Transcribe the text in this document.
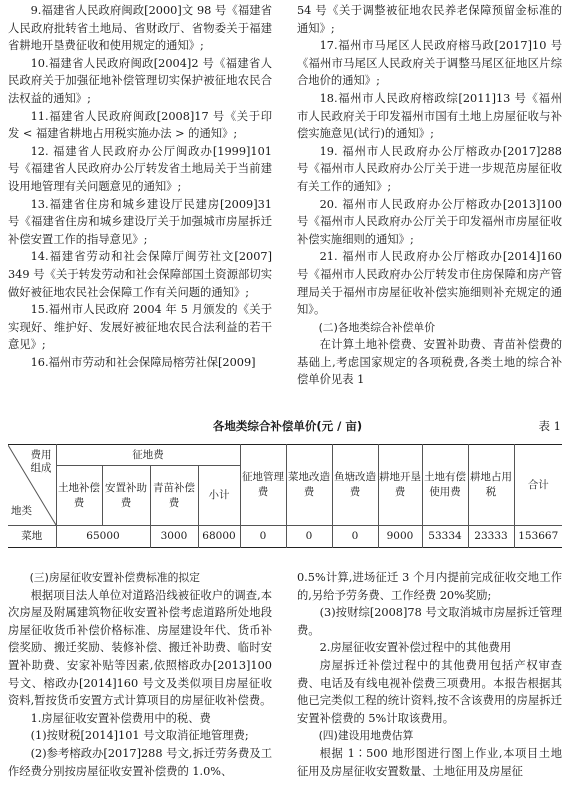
9.福建省人民政府闽政[2000]文 98 号《福建省人民政府批转省土地局、省财政厅、省物委关于福建省耕地开垦费征收和使用规定的通知》;

10.福建省人民政府闽政[2004]2 号《福建省人民政府关于加强征地补偿管理切实保护被征地农民合法权益的通知》;

11.福建省人民政府闽政[2008]17 号《关于印发 < 福建省耕地占用税实施办法 > 的通知》;

12. 福建省人民政府办公厅闽政办[1999]101 号《福建省人民政府办公厅转发省土地局关于当前建设用地管理有关问题意见的通知》;

13.福建省住房和城乡建设厅民建房[2009]31 号《福建省住房和城乡建设厅关于加强城市房屋拆迁补偿安置工作的指导意见》;

14.福建省劳动和社会保障厅闽劳社文[2007] 349 号《关于转发劳动和社会保障部国土资源部切实做好被征地农民社会保障工作有关问题的通知》;

15.福州市人民政府 2004 年 5 月颁发的《关于实现好、维护好、发展好被征地农民合法利益的若干意见》;

16.福州市劳动和社会保障局榕劳社保[2009]

54 号《关于调整被征地农民养老保障预留金标准的通知》;

17.福州市马尾区人民政府榕马政[2017]10 号《福州市马尾区人民政府关于调整马尾区征地区片综合地价的通知》;

18.福州市人民政府榕政综[2011]13 号《福州市人民政府关于印发福州市国有土地上房屋征收与补偿实施意见(试行)的通知》;

19. 福州市人民政府办公厅榕政办[2017]288 号《福州市人民政府办公厅关于进一步规范房屋征收有关工作的通知》;

20. 福州市人民政府办公厅榕政办[2013]100 号《福州市人民政府办公厅关于印发福州市房屋征收补偿实施细则的通知》;

21. 福州市人民政府办公厅榕政办[2014]160 号《福州市人民政府办公厅转发市住房保障和房产管理局关于福州市房屋征收补偿实施细则补充规定的通知》。

(二)各地类综合补偿单价

在计算土地补偿费、安置补助费、青苗补偿费的基础上,考虑国家规定的各项税费,各类土地的综合补偿单价见表 1

各地类综合补偿单价(元 / 亩)	表 1
费用组成
地类	征地费				征地管理费	菜地改造费	鱼塘改造费	耕地开垦费	土地有偿使用费	耕地占用税	合计
	土地补偿费	安置补助费	青苗补偿费	小计							
菜地	65000		3000	68000	0	0	0	9000	53334	23333	153667

(三)房屋征收安置补偿费标准的拟定

根据项目法人单位对道路沿线被征收户的调查,本次房屋及附属建筑物征收安置补偿考虑道路所处地段房屋征收货币补偿价格标准、房屋建设年代、货币补偿奖励、搬迁奖励、装修补偿、搬迁补助费、临时安置补助费、安家补贴等因素,依照榕政办[2013]100 号文、榕政办[2014]160 号文及类似项目房屋征收资料,暂按货币安置方式计算项目的房屋征收补偿费。

1.房屋征收安置补偿费用中的税、费

(1)按财税[2014]101 号文取消征地管理费;

(2)参考榕政办[2017]288 号文,拆迁劳务费及工作经费分别按房屋征收安置补偿费的 1.0%、

0.5%计算,进场征迁 3 个月内提前完成征收交地工作的,另给予劳务费、工作经费 20%奖励;

(3)按财综[2008]78 号文取消城市房屋拆迁管理费。

2.房屋征收安置补偿过程中的其他费用

房屋拆迁补偿过程中的其他费用包括产权审查费、电话及有线电视补偿费三项费用。本报告根据其他已完类似工程的统计资料,按不含该费用的房屋拆迁安置补偿费的 5%计取该费用。

(四)建设用地费估算

根据 1∶500 地形图进行图上作业,本项目土地征用及房屋征收安置数量、土地征用及房屋征
